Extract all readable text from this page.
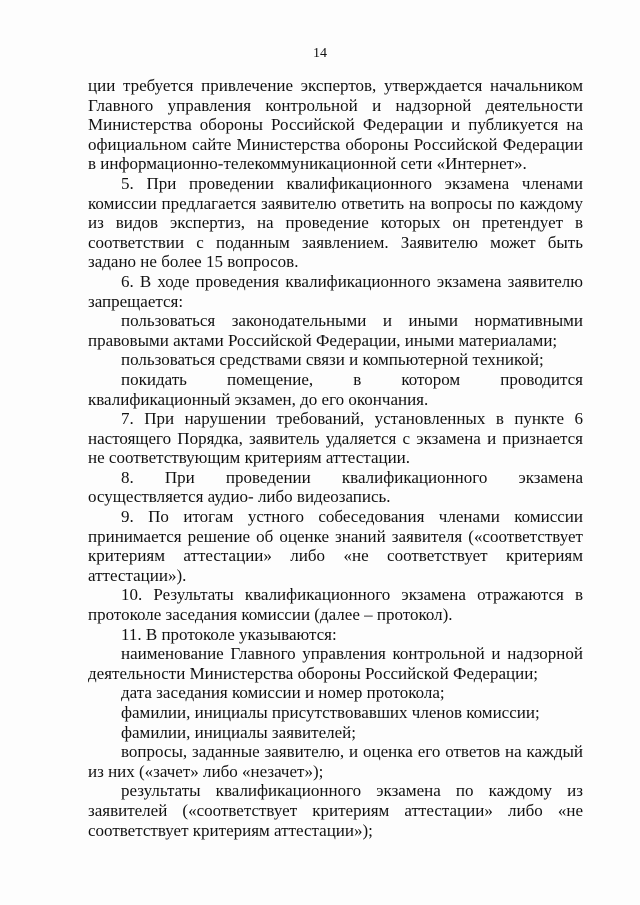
14

ции требуется привлечение экспертов, утверждается начальником Главного управления контрольной и надзорной деятельности Министерства обороны Российской Федерации и публикуется на официальном сайте Министерства обороны Российской Федерации в информационно-телекоммуникационной сети «Интернет».

5. При проведении квалификационного экзамена членами комиссии предлагается заявителю ответить на вопросы по каждому из видов экспертиз, на проведение которых он претендует в соответствии с поданным заявлением. Заявителю может быть задано не более 15 вопросов.

6. В ходе проведения квалификационного экзамена заявителю запрещается:

пользоваться законодательными и иными нормативными правовыми актами Российской Федерации, иными материалами;

пользоваться средствами связи и компьютерной техникой;

покидать помещение, в котором проводится квалификационный экзамен, до его окончания.

7. При нарушении требований, установленных в пункте 6 настоящего Порядка, заявитель удаляется с экзамена и признается не соответствующим критериям аттестации.

8. При проведении квалификационного экзамена осуществляется аудио- либо видеозапись.

9. По итогам устного собеседования членами комиссии принимается решение об оценке знаний заявителя («соответствует критериям аттестации» либо «не соответствует критериям аттестации»).

10. Результаты квалификационного экзамена отражаются в протоколе заседания комиссии (далее – протокол).

11. В протоколе указываются:

наименование Главного управления контрольной и надзорной деятельности Министерства обороны Российской Федерации;

дата заседания комиссии и номер протокола;

фамилии, инициалы присутствовавших членов комиссии;

фамилии, инициалы заявителей;

вопросы, заданные заявителю, и оценка его ответов на каждый из них («зачет» либо «незачет»);

результаты квалификационного экзамена по каждому из заявителей («соответствует критериям аттестации» либо «не соответствует критериям аттестации»);
